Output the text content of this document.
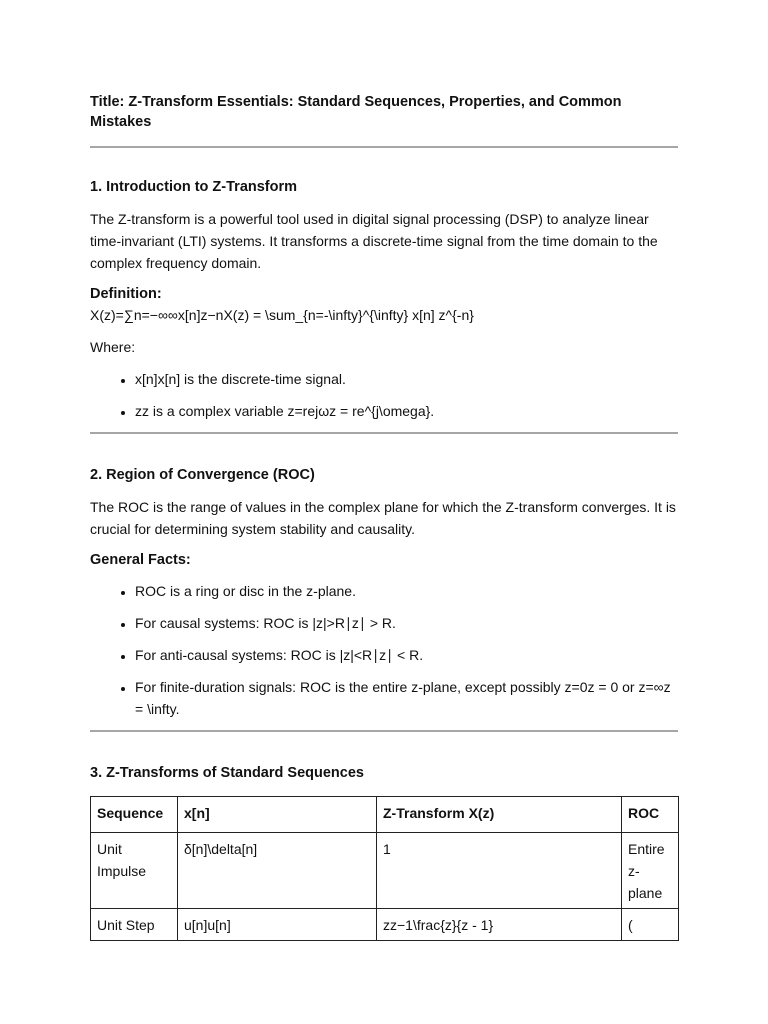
Title: Z-Transform Essentials: Standard Sequences, Properties, and Common Mistakes
1. Introduction to Z-Transform

The Z-transform is a powerful tool used in digital signal processing (DSP) to analyze linear time-invariant (LTI) systems. It transforms a discrete-time signal from the time domain to the complex frequency domain.

Definition:

X(z)=∑n=−∞∞x[n]z−nX(z) = \sum_{n=-\infty}^{\infty} x[n] z^{-n}

Where:

• x[n]x[n] is the discrete-time signal.
• zz is a complex variable z=rejωz = re^{j\omega}.
2. Region of Convergence (ROC)

The ROC is the range of values in the complex plane for which the Z-transform converges. It is crucial for determining system stability and causality.

General Facts:
• ROC is a ring or disc in the z-plane.
• For causal systems: ROC is |z|>R∣z∣ > R.
• For anti-causal systems: ROC is |z|<R∣z∣ < R.
• For finite-duration signals: ROC is the entire z-plane, except possibly z=0z = 0 or z=∞z = \infty.
3. Z-Transforms of Standard Sequences
Sequence	x[n]	Z-Transform X(z)	ROC
Unit Impulse	δ[n]\delta[n]	1	Entire z-plane
Unit Step	u[n]u[n]	zz−1\frac{z}{z - 1}	(
